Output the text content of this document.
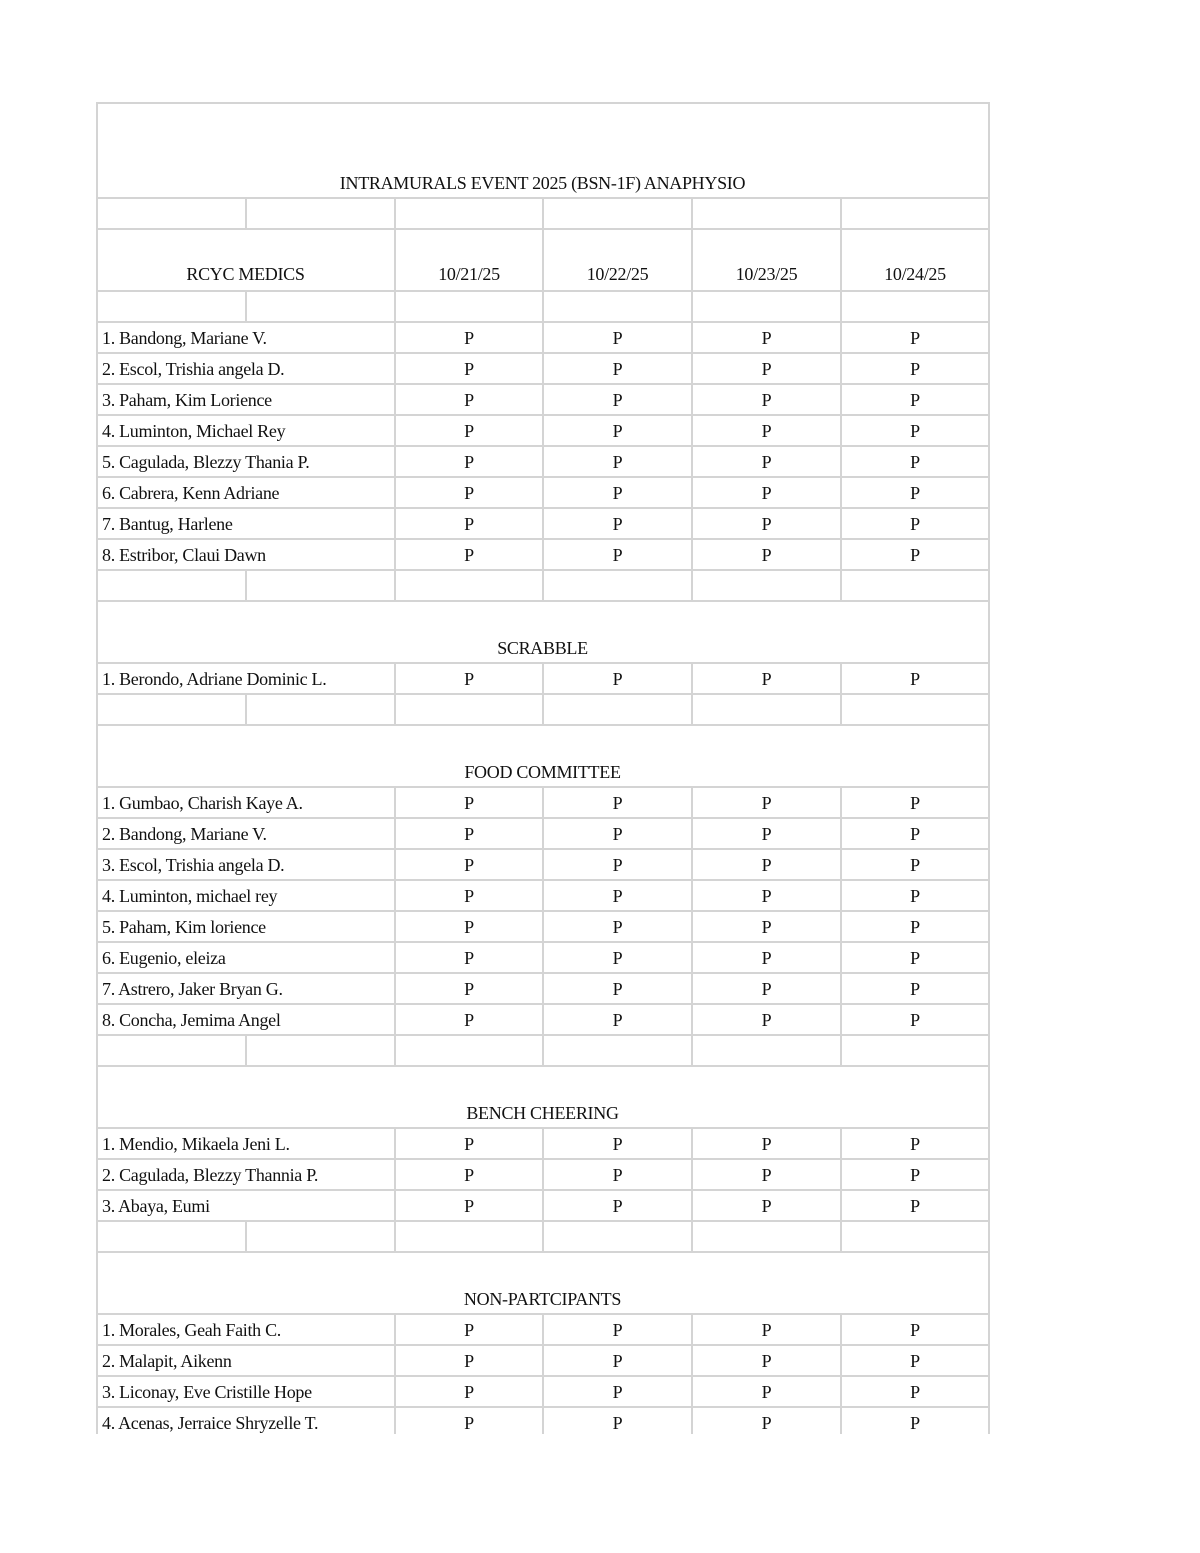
INTRAMURALS EVENT 2025 (BSN-1F) ANAPHYSIO
RCYC MEDICS	10/21/25	10/22/25	10/23/25	10/24/25
1. Bandong, Mariane V.	P	P	P	P
2. Escol, Trishia angela D.	P	P	P	P
3. Paham, Kim Lorience	P	P	P	P
4. Luminton, Michael Rey	P	P	P	P
5. Cagulada, Blezzy Thania P.	P	P	P	P
6. Cabrera, Kenn Adriane	P	P	P	P
7. Bantug, Harlene	P	P	P	P
8. Estribor, Claui Dawn	P	P	P	P
SCRABBLE
1. Berondo, Adriane Dominic L.	P	P	P	P
FOOD COMMITTEE
1. Gumbao, Charish Kaye A.	P	P	P	P
2. Bandong, Mariane V.	P	P	P	P
3. Escol, Trishia angela D.	P	P	P	P
4. Luminton, michael rey	P	P	P	P
5. Paham, Kim lorience	P	P	P	P
6. Eugenio, eleiza	P	P	P	P
7. Astrero, Jaker Bryan G.	P	P	P	P
8. Concha, Jemima Angel	P	P	P	P
BENCH CHEERING
1. Mendio, Mikaela Jeni L.	P	P	P	P
2. Cagulada, Blezzy Thannia P.	P	P	P	P
3. Abaya, Eumi	P	P	P	P
NON-PARTCIPANTS
1. Morales, Geah Faith C.	P	P	P	P
2. Malapit, Aikenn	P	P	P	P
3. Liconay, Eve Cristille Hope	P	P	P	P
4. Acenas, Jerraice Shryzelle T.	P	P	P	P
